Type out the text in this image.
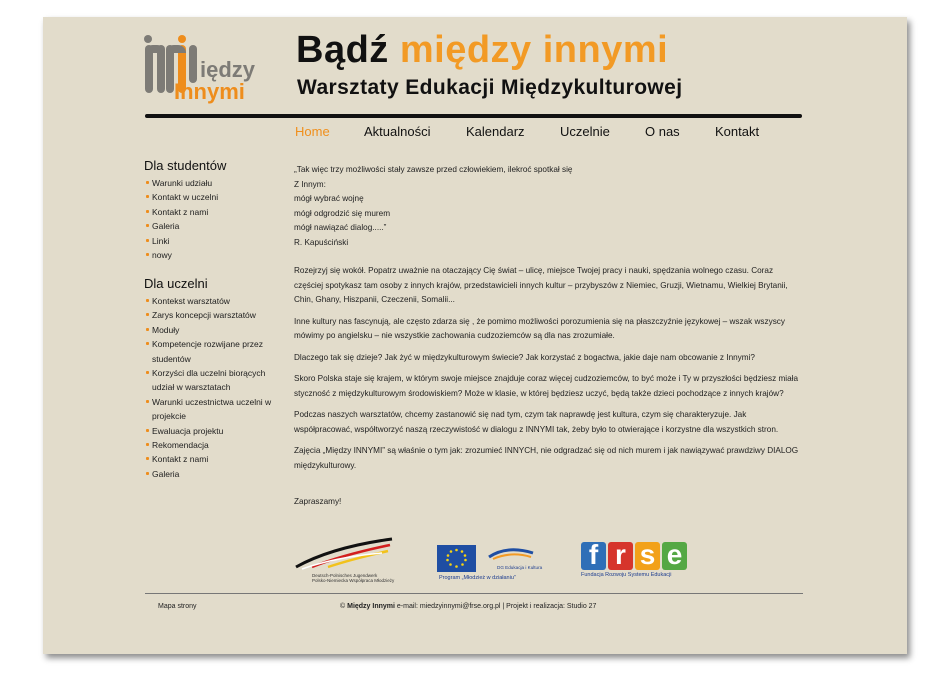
iędzy
Innymi
Bądź między innymi
Warsztaty Edukacji Międzykulturowej
Home	Aktualności	Kalendarz	Uczelnie	O nas	Kontakt
Dla studentów
Warunki udziału
Kontakt w uczelni
Kontakt z nami
Galeria
Linki
nowy
Dla uczelni
Kontekst warsztatów
Zarys koncepcji warsztatów
Moduły
Kompetencje rozwijane przez studentów
Korzyści dla uczelni biorących udział w warsztatach
Warunki uczestnictwa uczelni w projekcie
Ewaluacja projektu
Rekomendacja
Kontakt z nami
Galeria

„Tak więc trzy możliwości stały zawsze przed człowiekiem, ilekroć spotkał się

Z Innym:

mógł wybrać wojnę

mógł odgrodzić się murem

mógł nawiązać dialog.....”

R. Kapuściński

Rozejrzyj się wokół. Popatrz uważnie na otaczający Cię świat – ulicę, miejsce Twojej pracy i nauki, spędzania wolnego czasu. Coraz częściej spotykasz tam osoby z innych krajów, przedstawicieli innych kultur – przybyszów z Niemiec, Gruzji, Wietnamu, Wielkiej Brytanii, Chin, Ghany, Hiszpanii, Czeczenii, Somalii...

Inne kultury nas fascynują, ale często zdarza się , że pomimo możliwości porozumienia się na płaszczyźnie językowej – wszak wszyscy mówimy po angielsku – nie wszystkie zachowania cudzoziemców są dla nas zrozumiałe.

Dlaczego tak się dzieje? Jak żyć w międzykulturowym świecie? Jak korzystać z bogactwa, jakie daje nam obcowanie z Innymi?

Skoro Polska staje się krajem, w którym swoje miejsce znajduje coraz więcej cudzoziemców, to być może i Ty w przyszłości będziesz miała styczność z międzykulturowym środowiskiem? Może w klasie, w której będziesz uczyć, będą także dzieci pochodzące z innych krajów?

Podczas naszych warsztatów, chcemy zastanowić się nad tym, czym tak naprawdę jest kultura, czym się charakteryzuje. Jak współpracować, współtworzyć naszą rzeczywistość w dialogu z INNYMI tak, żeby było to otwierające i korzystne dla wszystkich stron.

Zajęcia „Między INNYMI” są właśnie o tym jak: zrozumieć INNYCH, nie odgradzać się od nich murem i jak nawiązywać prawdziwy DIALOG międzykulturowy.

Zapraszamy!

Deutsch-Polnisches Jugendwerk
Polsko-Niemiecka Współpraca Młodzieży
DG Edukacja i Kultura
Program „Młodzież w działaniu”
f r s e
Fundacja Rozwoju Systemu Edukacji
Mapa strony	© Między Innymi e-mail: miedzyinnymi@frse.org.pl | Projekt i realizacja: Studio 27
